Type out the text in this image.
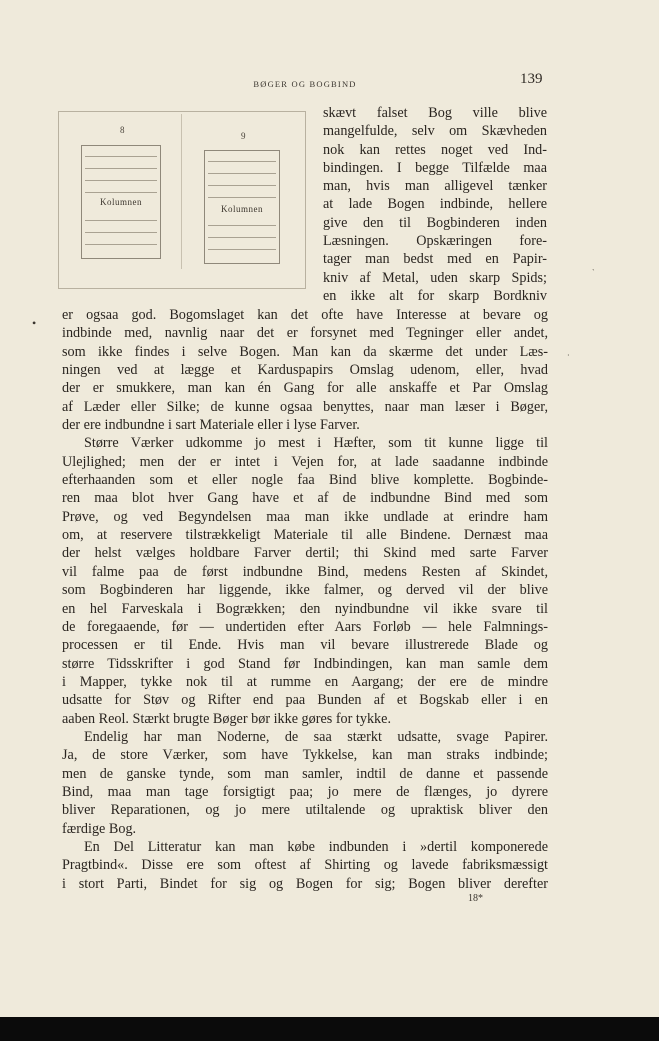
BØGER OG BOGBIND	139
8
9
Kolumnen
Kolumnen
skævt falset Bog ville blive
mangelfulde, selv om Skævheden
nok kan rettes noget ved Ind-
bindingen. I begge Tilfælde maa
man, hvis man alligevel tænker
at lade Bogen indbinde, hellere
give den til Bogbinderen inden
Læsningen. Opskæringen fore-
tager man bedst med en Papir-
kniv af Metal, uden skarp Spids;
en ikke alt for skarp Bordkniv
er ogsaa god. Bogomslaget kan det ofte have Interesse at bevare og
indbinde med, navnlig naar det er forsynet med Tegninger eller andet,
som ikke findes i selve Bogen. Man kan da skærme det under Læs-
ningen ved at lægge et Karduspapirs Omslag udenom, eller, hvad
der er smukkere, man kan én Gang for alle anskaffe et Par Omslag
af Læder eller Silke; de kunne ogsaa benyttes, naar man læser i Bøger,
der ere indbundne i sart Materiale eller i lyse Farver.
Større Værker udkomme jo mest i Hæfter, som tit kunne ligge til
Ulejlighed; men der er intet i Vejen for, at lade saadanne indbinde
efterhaanden som et eller nogle faa Bind blive komplette. Bogbinde-
ren maa blot hver Gang have et af de indbundne Bind med som
Prøve, og ved Begyndelsen maa man ikke undlade at erindre ham
om, at reservere tilstrækkeligt Materiale til alle Bindene. Dernæst maa
der helst vælges holdbare Farver dertil; thi Skind med sarte Farver
vil falme paa de først indbundne Bind, medens Resten af Skindet,
som Bogbinderen har liggende, ikke falmer, og derved vil der blive
en hel Farveskala i Bogrækken; den nyindbundne vil ikke svare til
de foregaaende, før — undertiden efter Aars Forløb — hele Falmnings-
processen er til Ende. Hvis man vil bevare illustrerede Blade og
større Tidsskrifter i god Stand før Indbindingen, kan man samle dem
i Mapper, tykke nok til at rumme en Aargang; der ere de mindre
udsatte for Støv og Rifter end paa Bunden af et Bogskab eller i en
aaben Reol. Stærkt brugte Bøger bør ikke gøres for tykke.
Endelig har man Noderne, de saa stærkt udsatte, svage Papirer.
Ja, de store Værker, som have Tykkelse, kan man straks indbinde;
men de ganske tynde, som man samler, indtil de danne et passende
Bind, maa man tage forsigtigt paa; jo mere de flænges, jo dyrere
bliver Reparationen, og jo mere utiltalende og upraktisk bliver den
færdige Bog.
En Del Litteratur kan man købe indbunden i »dertil komponerede
Pragtbind«. Disse ere som oftest af Shirting og lavede fabriksmæssigt
i stort Parti, Bindet for sig og Bogen for sig; Bogen bliver derefter
18*
•
·
ˋ
